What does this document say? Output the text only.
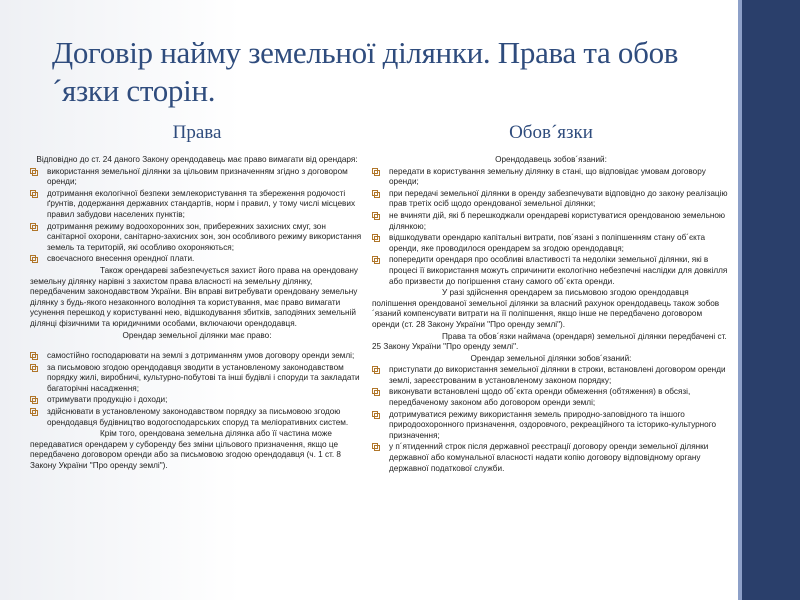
Договір найму земельної ділянки. Права та обов´язки сторін.
Права	Обов´язки

Відповідно до ст. 24 даного Закону орендодавець має право вимагати від орендаря:

використання земельної ділянки за цільовим призначенням згідно з договором оренди;
дотримання екологічної безпеки землекористування та збереження родючості ґрунтів, додержання державних стандартів, норм і правил, у тому числі місцевих правил забудови населених пунктів;
дотримання режиму водоохоронних зон, прибережних захисних смуг, зон санітарної охорони, санітарно-захисних зон, зон особливого режиму використання земель та територій, які особливо охороняються;
своєчасного внесення орендної плати.

Також орендареві забезпечується захист його права на орендовану земельну ділянку нарівні з захистом права власності на земельну ділянку, передбаченим законодавством України. Він вправі витребувати орендовану земельну ділянку з будь-якого незаконного володіння та користування, має право вимагати усунення перешкод у користуванні нею, відшкодування збитків, заподіяних земельній ділянці фізичними та юридичними особами, включаючи орендодавця.

Орендар земельної ділянки має право:

самостійно господарювати на землі з дотриманням умов договору оренди землі;
за письмовою згодою орендодавця зводити в установленому законодавством порядку жилі, виробничі, культурно-побутові та інші будівлі і споруди та закладати багаторічні насадження;
отримувати продукцію і доходи;
здійснювати в установленому законодавством порядку за письмовою згодою орендодавця будівництво водогосподарських споруд та меліоративних систем.

Крім того, орендована земельна ділянка або її частина може передаватися орендарем у суборенду без зміни цільового призначення, якщо це передбачено договором оренди або за письмовою згодою орендодавця (ч. 1 ст. 8 Закону України "Про оренду землі").

Орендодавець зобов´язаний:

передати в користування земельну ділянку в стані, що відповідає умовам договору оренди;
при передачі земельної ділянки в оренду забезпечувати відповідно до закону реалізацію прав третіх осіб щодо орендованої земельної ділянки;
не вчиняти дій, які б перешкоджали орендареві користуватися орендованою земельною ділянкою;
відшкодувати орендарю капітальні витрати, пов´язані з поліпшенням стану об´єкта оренди, яке проводилося орендарем за згодою орендодавця;
попередити орендаря про особливі властивості та недоліки земельної ділянки, які в процесі її використання можуть спричинити екологічно небезпечні наслідки для довкілля або призвести до погіршення стану самого об´єкта оренди.

У разі здійснення орендарем за письмовою згодою орендодавця поліпшення орендованої земельної ділянки за власний рахунок орендодавець також зобов´язаний компенсувати витрати на її поліпшення, якщо інше не передбачено договором оренди (ст. 28 Закону України "Про оренду землі").

Права та обов´язки наймача (орендаря) земельної ділянки передбачені ст. 25 Закону України "Про оренду землі".

Орендар земельної ділянки зобов´язаний:

приступати до використання земельної ділянки в строки, встановлені договором оренди землі, зареєстрованим в установленому законом порядку;
виконувати встановлені щодо об´єкта оренди обмеження (обтяження) в обсязі, передбаченому законом або договором оренди землі;
дотримуватися режиму використання земель природно-заповідного та іншого природоохоронного призначення, оздоровчого, рекреаційного та історико-культурного призначення;
у п´ятиденний строк після державної реєстрації договору оренди земельної ділянки державної або комунальної власності надати копію договору відповідному органу державної податкової служби.
